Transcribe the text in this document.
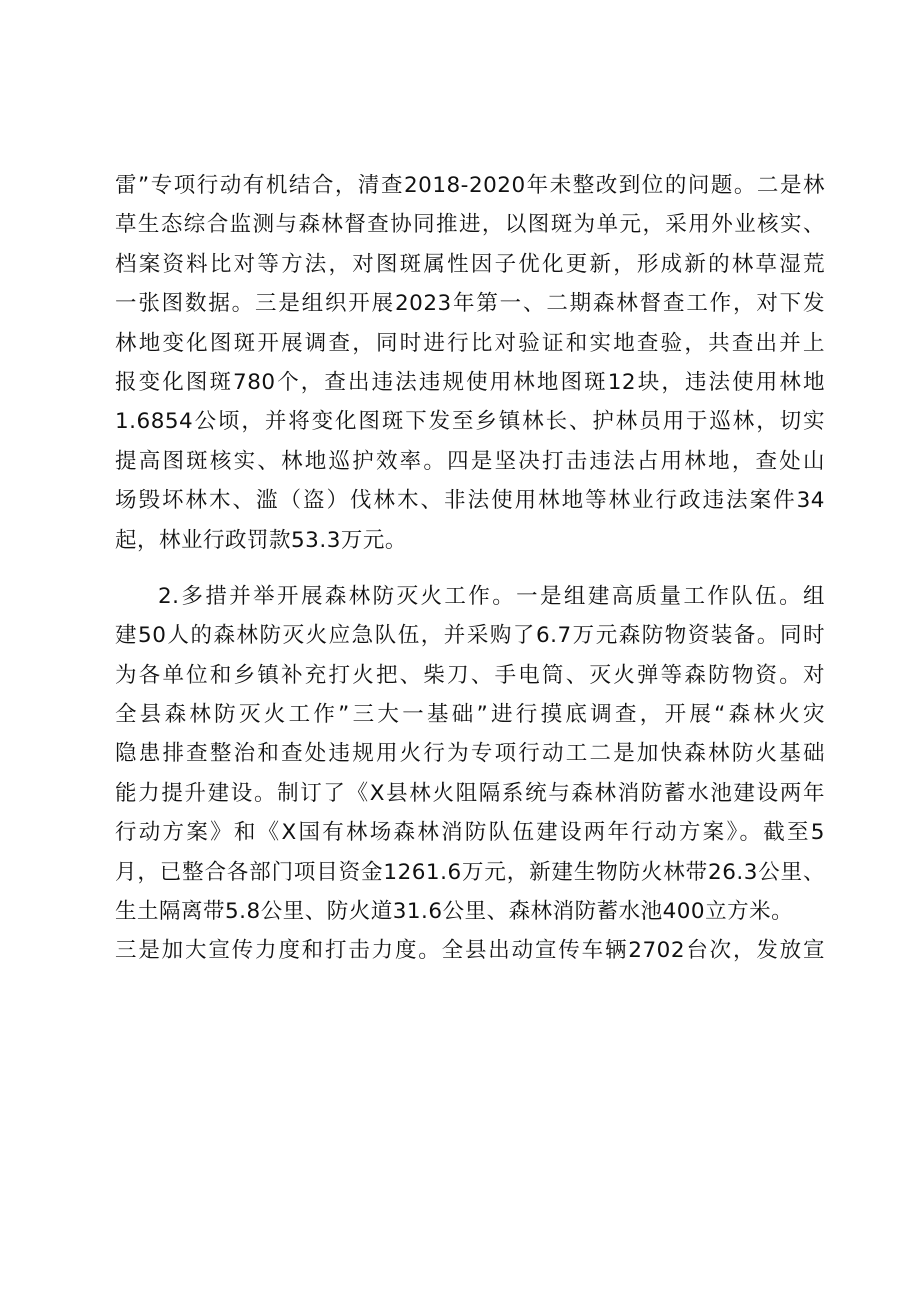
雷”专项行动有机结合，清查2018-2020年未整改到位的问题。二是林
草生态综合监测与森林督查协同推进，以图斑为单元，采用外业核实、
档案资料比对等方法，对图斑属性因子优化更新，形成新的林草湿荒
一张图数据。三是组织开展2023年第一、二期森林督查工作，对下发
林地变化图斑开展调查，同时进行比对验证和实地查验，共查出并上
报变化图斑780个，查出违法违规使用林地图斑12块，违法使用林地
1.6854公顷，并将变化图斑下发至乡镇林长、护林员用于巡林，切实
提高图斑核实、林地巡护效率。四是坚决打击违法占用林地，查处山
场毁坏林木、滥（盗）伐林木、非法使用林地等林业行政违法案件34
起，林业行政罚款53.3万元。
2.多措并举开展森林防灭火工作。一是组建高质量工作队伍。组
建50人的森林防灭火应急队伍，并采购了6.7万元森防物资装备。同时
为各单位和乡镇补充打火把、柴刀、手电筒、灭火弹等森防物资。对
全县森林防灭火工作”三大一基础”进行摸底调查，开展“森林火灾
隐患排查整治和查处违规用火行为专项行动工二是加快森林防火基础
能力提升建设。制订了《X县林火阻隔系统与森林消防蓄水池建设两年
行动方案》和《X国有林场森林消防队伍建设两年行动方案》。截至5
月，已整合各部门项目资金1261.6万元，新建生物防火林带26.3公里、
生土隔离带5.8公里、防火道31.6公里、森林消防蓄水池400立方米。
三是加大宣传力度和打击力度。全县出动宣传车辆2702台次，发放宣
